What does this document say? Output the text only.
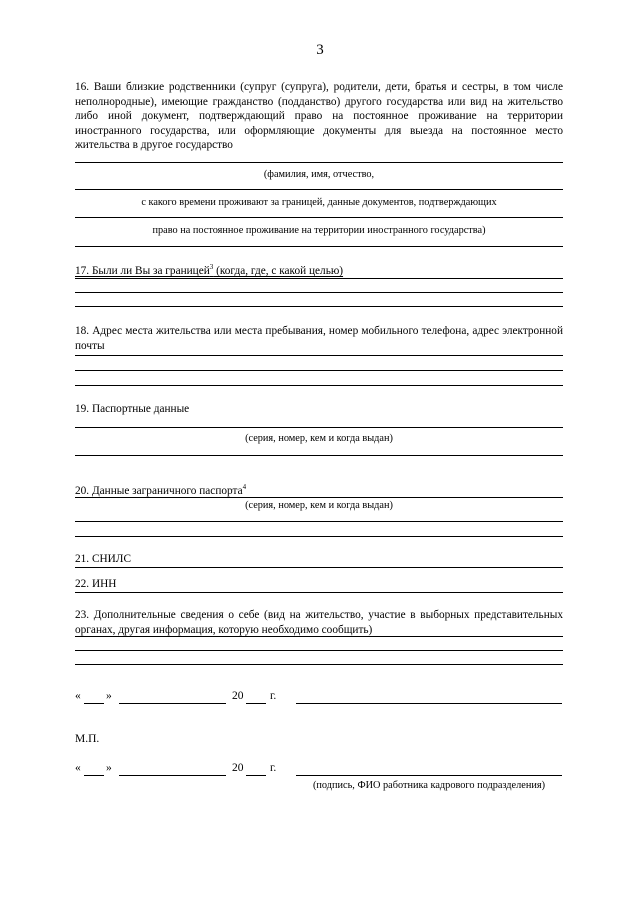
3
16. Ваши близкие родственники (супруг (супруга), родители, дети, братья и сестры, в том числе неполнородные), имеющие гражданство (подданство) другого государства или вид на жительство либо иной документ, подтверждающий право на постоянное проживание на территории иностранного государства, или оформляющие документы для выезда на постоянное место жительства в другое государство
(фамилия, имя, отчество,
с какого времени проживают за границей, данные документов, подтверждающих
право на постоянное проживание на территории иностранного государства)
17. Были ли Вы за границей$^3$ (когда, где, с какой целью)
18. Адрес места жительства или места пребывания, номер мобильного телефона, адрес электронной почты
19. Паспортные данные
(серия, номер, кем и когда выдан)
20. Данные заграничного паспорта$^4$
(серия, номер, кем и когда выдан)
21. СНИЛС
22. ИНН
23. Дополнительные сведения о себе (вид на жительство, участие в выборных представительных органах, другая информация, которую необходимо сообщить)
« »	20 г.
М.П.
« »	20 г.
(подпись, ФИО работника кадрового подразделения)
